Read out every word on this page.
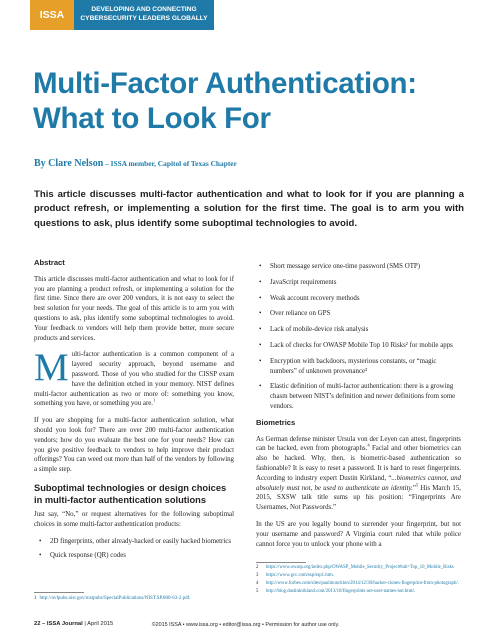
ISSA	DEVELOPING AND CONNECTING
CYBERSECURITY LEADERS GLOBALLY
Multi-Factor Authentication:
What to Look For

By Clare Nelson – ISSA member, Capitol of Texas Chapter

This article discusses multi-factor authentication and what to look for if you are planning a product refresh, or implementing a solution for the first time. The goal is to arm you with questions to ask, plus identify some suboptimal technologies to avoid.

Abstract

This article discusses multi-factor authentication and what to look for if you are planning a product refresh, or implementing a solution for the first time. Since there are over 200 vendors, it is not easy to select the best solution for your needs. The goal of this article is to arm you with questions to ask, plus identify some suboptimal technologies to avoid. Your feedback to vendors will help them provide better, more secure products and services.

Multi-factor authentication is a common component of a layered security approach, beyond username and password. Those of you who studied for the CISSP exam have the definition etched in your memory. NIST defines multi-factor authentication as two or more of: something you know, something you have, or something you are.$^1$

If you are shopping for a multi-factor authentication solution, what should you look for? There are over 200 multi-factor authentication vendors; how do you evaluate the best one for your needs? How can you give positive feedback to vendors to help improve their product offerings? You can weed out more than half of the vendors by following a simple step.

Suboptimal technologies or design choices in multi-factor authentication solutions

Just say, “No,” or request alternatives for the following suboptimal choices in some multi-factor authentication products:

• 2D fingerprints, other already-hacked or easily hacked biometrics
• Quick response (QR) codes
1 http://nvlpubs.nist.gov/nistpubs/SpecialPublications/NIST.SP.800-63-2.pdf.
• Short message service one-time password (SMS OTP)
• JavaScript requirements
• Weak account recovery methods
• Over reliance on GPS
• Lack of mobile-device risk analysis
• Lack of checks for OWASP Mobile Top 10 Risks² for mobile apps
• Encryption with backdoors, mysterious constants, or “magic numbers” of unknown provenance³
• Elastic definition of multi-factor authentication: there is a growing chasm between NIST’s definition and newer definitions from some vendors.
Biometrics

As German defense minister Ursula von der Leyen can attest, fingerprints can be hacked, even from photographs.$^4$ Facial and other biometrics can also be hacked. Why, then, is biometric-based authentication so fashionable? It is easy to reset a password. It is hard to reset fingerprints. According to industry expert Dustin Kirkland, “...biometrics cannot, and absolutely must not, be used to authenticate an identity.”$^5$ His March 15, 2015, SXSW talk title sums up his position: “Fingerprints Are Usernames, Not Passwords.”

In the US are you legally bound to surrender your fingerprint, but not your username and password? A Virginia court ruled that while police cannot force you to unlock your phone with a

2 https://www.owasp.org/index.php/OWASP_Mobile_Security_Project#tab=Top_10_Mobile_Risks
3 https://www.gcc.com/ssp/ssp1.htm.
4 http://www.forbes.com/sites/paulmonckton/2014/12/30/hacker-clones-fingerprint-from-photograph/.
5 http://blog.dustinkirkland.com/2013/10/fingerprints-are-user-names-not.html.
22 – ISSA Journal | April 2015	©2015 ISSA • www.issa.org • editor@issa.org • Permission for author use only.
